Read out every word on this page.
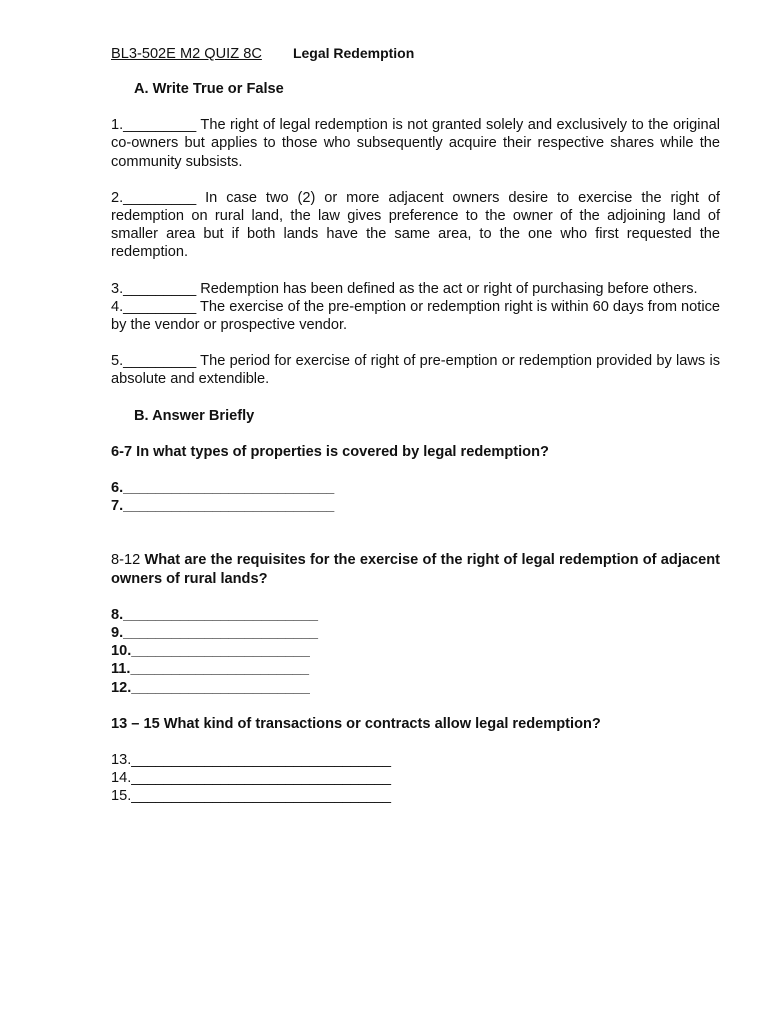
BL3-502E M2 QUIZ 8C Legal Redemption
A. Write True or False
1._________ The right of legal redemption is not granted solely and exclusively to the original co-owners but applies to those who subsequently acquire their respective shares while the community subsists.
2._________ In case two (2) or more adjacent owners desire to exercise the right of redemption on rural land, the law gives preference to the owner of the adjoining land of smaller area but if both lands have the same area, to the one who first requested the redemption.
3._________ Redemption has been defined as the act or right of purchasing before others.
4._________ The exercise of the pre-emption or redemption right is within 60 days from notice by the vendor or prospective vendor.
5._________ The period for exercise of right of pre-emption or redemption provided by laws is absolute and extendible.
B. Answer Briefly
6-7 In what types of properties is covered by legal redemption?
6.__________________________
7.__________________________
8-12 What are the requisites for the exercise of the right of legal redemption of adjacent owners of rural lands?
8.________________________
9.________________________
10.______________________
11.______________________
12.______________________
13 – 15 What kind of transactions or contracts allow legal redemption?
13.________________________________
14.________________________________
15.________________________________
